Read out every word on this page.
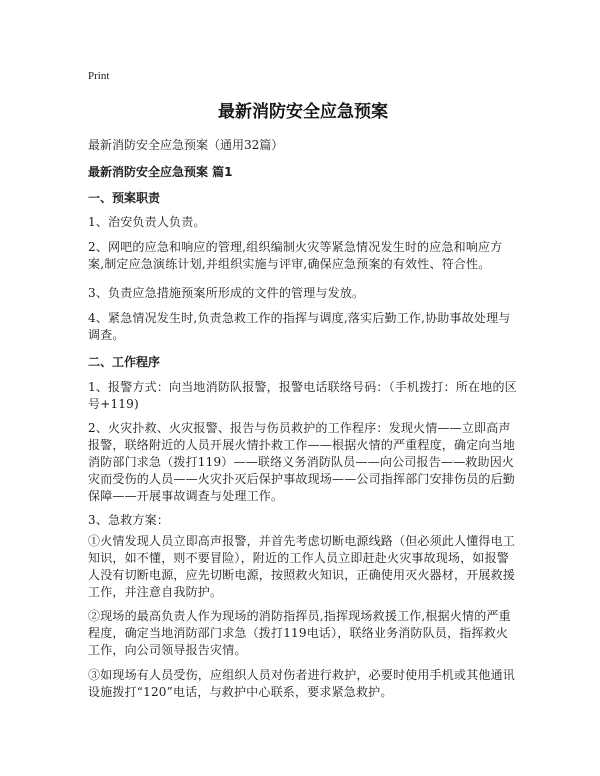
Print
最新消防安全应急预案
最新消防安全应急预案（通用32篇）
最新消防安全应急预案 篇1
一、预案职责
1、治安负责人负责。
2、网吧的应急和响应的管理,组织编制火灾等紧急情况发生时的应急和响应方案,制定应急演练计划,并组织实施与评审,确保应急预案的有效性、符合性。
3、负责应急措施预案所形成的文件的管理与发放。
4、紧急情况发生时,负责急救工作的指挥与调度,落实后勤工作,协助事故处理与调查。
二、工作程序
1、报警方式：向当地消防队报警，报警电话联络号码：（手机拨打：所在地的区号+119)
2、火灾扑救、火灾报警、报告与伤员救护的工作程序：发现火情——立即高声报警，联络附近的人员开展火情扑救工作——根据火情的严重程度，确定向当地消防部门求急（拨打119）——联络义务消防队员——向公司报告——救助因火灾而受伤的人员——火灾扑灭后保护事故现场——公司指挥部门安排伤员的后勤保障——开展事故调查与处理工作。
3、急救方案：
①火情发现人员立即高声报警，并首先考虑切断电源线路（但必须此人懂得电工知识，如不懂，则不要冒险），附近的工作人员立即赶赴火灾事故现场，如报警人没有切断电源，应先切断电源，按照救火知识，正确使用灭火器材，开展救援工作，并注意自我防护。
②现场的最高负责人作为现场的消防指挥员,指挥现场救援工作,根据火情的严重程度，确定当地消防部门求急（拨打119电话），联络业务消防队员，指挥救火工作，向公司领导报告灾情。
③如现场有人员受伤，应组织人员对伤者进行救护，必要时使用手机或其他通讯设施拨打“120”电话，与救护中心联系，要求紧急救护。
